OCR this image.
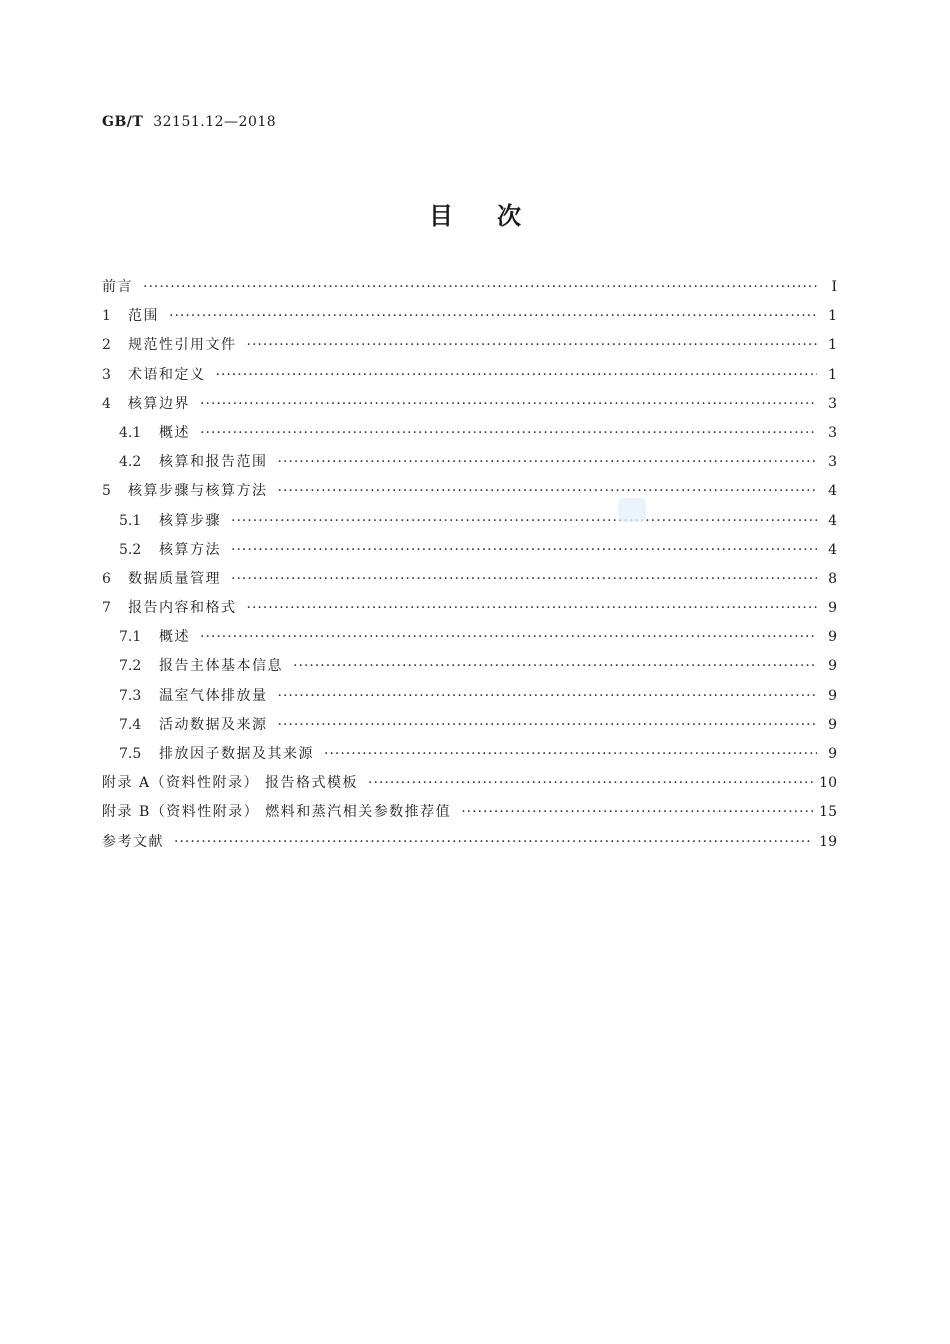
GB/T 32151.12—2018
目次
前言 ·····	Ⅰ
1 范围 ·····	1
2 规范性引用文件 ·····	1
3 术语和定义 ·····	1
4 核算边界 ·····	3
4.1 概述 ·····	3
4.2 核算和报告范围 ·····	3
5 核算步骤与核算方法 ·····	4
5.1 核算步骤 ·····	4
5.2 核算方法 ·····	4
6 数据质量管理 ·····	8
7 报告内容和格式 ·····	9
7.1 概述 ·····	9
7.2 报告主体基本信息 ·····	9
7.3 温室气体排放量 ·····	9
7.4 活动数据及来源 ·····	9
7.5 排放因子数据及其来源 ·····	9
附录 A（资料性附录） 报告格式模板 ·····	10
附录 B（资料性附录） 燃料和蒸汽相关参数推荐值 ·····	15
参考文献 ·····	19
